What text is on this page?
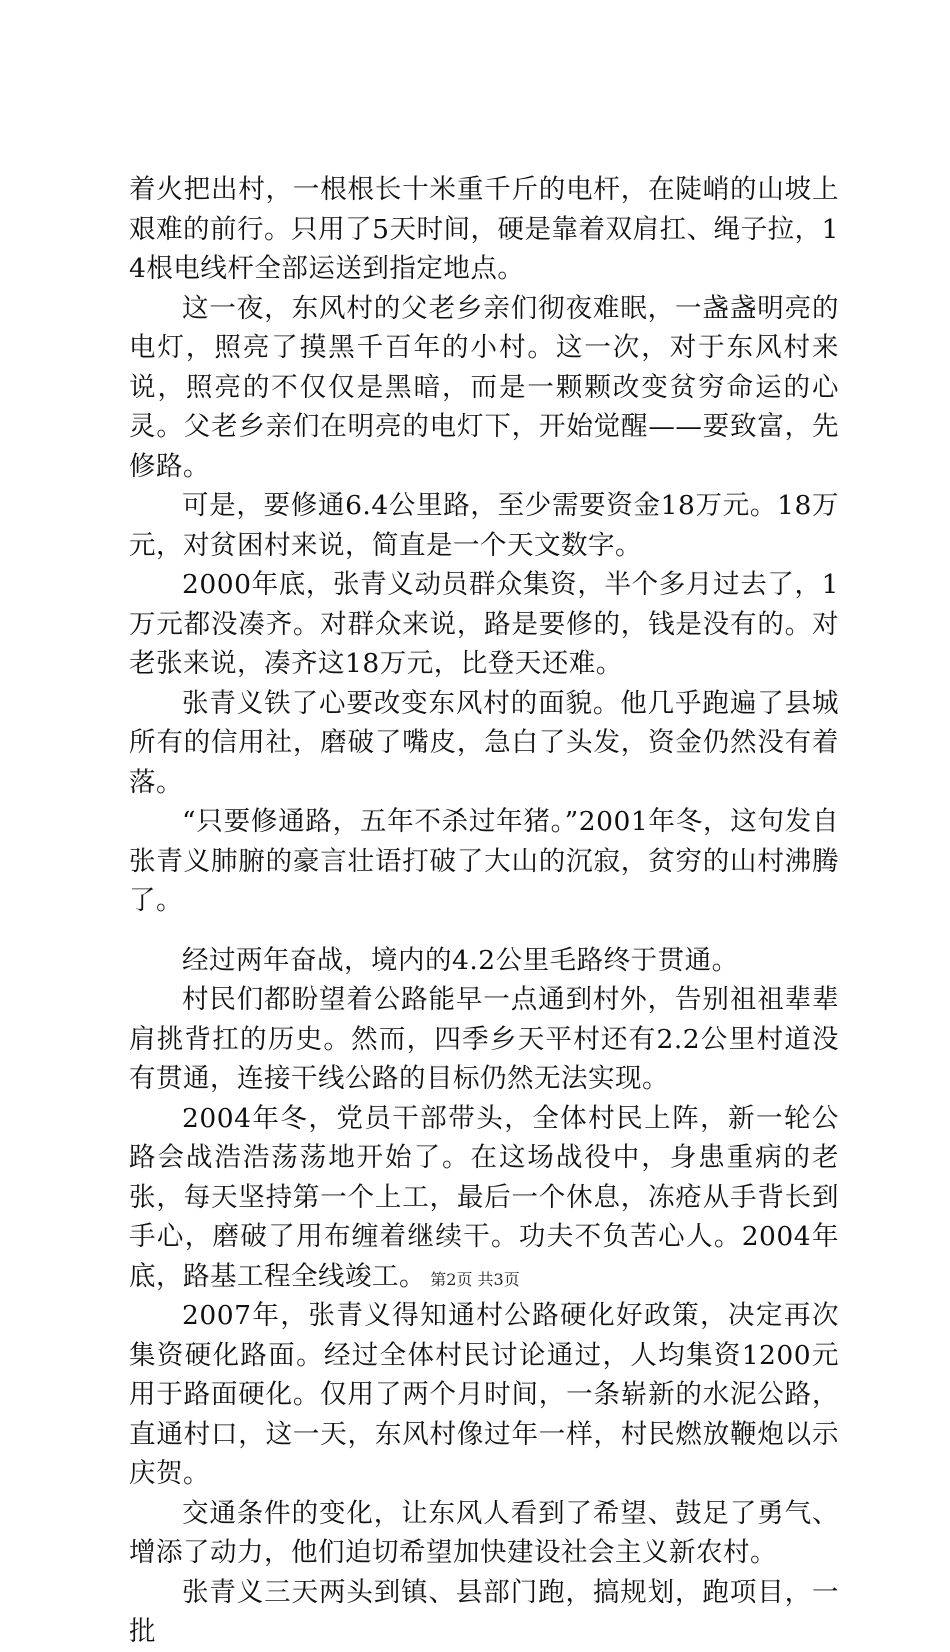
着火把出村，一根根长十米重千斤的电杆，在陡峭的山坡上艰难的前行。只用了5天时间，硬是靠着双肩扛、绳子拉，14根电线杆全部运送到指定地点。

这一夜，东风村的父老乡亲们彻夜难眠，一盏盏明亮的电灯，照亮了摸黑千百年的小村。这一次，对于东风村来说，照亮的不仅仅是黑暗，而是一颗颗改变贫穷命运的心灵。父老乡亲们在明亮的电灯下，开始觉醒——要致富，先修路。

可是，要修通6.4公里路，至少需要资金18万元。18万元，对贫困村来说，简直是一个天文数字。

2000年底，张青义动员群众集资，半个多月过去了，1万元都没凑齐。对群众来说，路是要修的，钱是没有的。对老张来说，凑齐这18万元，比登天还难。

张青义铁了心要改变东风村的面貌。他几乎跑遍了县城所有的信用社，磨破了嘴皮，急白了头发，资金仍然没有着落。

“只要修通路，五年不杀过年猪。”2001年冬，这句发自张青义肺腑的豪言壮语打破了大山的沉寂，贫穷的山村沸腾了。

经过两年奋战，境内的4.2公里毛路终于贯通。

村民们都盼望着公路能早一点通到村外，告别祖祖辈辈肩挑背扛的历史。然而，四季乡天平村还有2.2公里村道没有贯通，连接干线公路的目标仍然无法实现。

2004年冬，党员干部带头，全体村民上阵，新一轮公路会战浩浩荡荡地开始了。在这场战役中，身患重病的老张，每天坚持第一个上工，最后一个休息，冻疮从手背长到手心，磨破了用布缠着继续干。功夫不负苦心人。2004年底，路基工程全线竣工。

2007年，张青义得知通村公路硬化好政策，决定再次集资硬化路面。经过全体村民讨论通过，人均集资1200元用于路面硬化。仅用了两个月时间，一条崭新的水泥公路，直通村口，这一天，东风村像过年一样，村民燃放鞭炮以示庆贺。

交通条件的变化，让东风人看到了希望、鼓足了勇气、增添了动力，他们迫切希望加快建设社会主义新农村。

张青义三天两头到镇、县部门跑，搞规划，跑项目，一批

第2页 共3页
